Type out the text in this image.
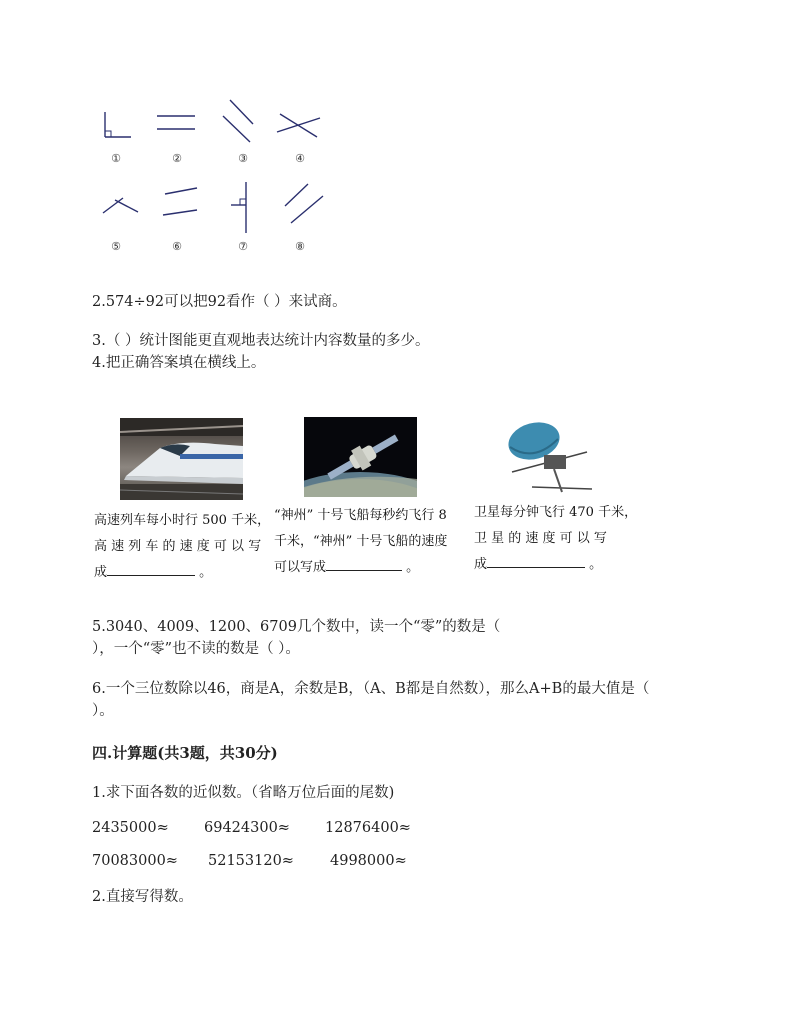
①	②	③	④
⑤	⑥	⑦	⑧
2.574÷92可以把92看作（ ）来试商。
3.（ ）统计图能更直观地表达统计内容数量的多少。
4.把正确答案填在横线上。
高速列车每小时行 500 千米，
高 速 列 车 的 速 度 可 以 写
成	。
“神州” 十号飞船每秒约飞行 8
千米，“神州” 十号飞船的速度
可以写成	。
卫星每分钟飞行 470 千米，
卫 星 的 速 度 可 以 写
成	。
5.3040、4009、1200、6709几个数中，读一个“零”的数是（
），一个“零”也不读的数是（ ）。
6.一个三位数除以46，商是A，余数是B，（A、B都是自然数），那么A+B的最大值是（
）。
四.计算题(共3题，共30分)
1.求下面各数的近似数。（省略万位后面的尾数)
2435000≈ 69424300≈ 12876400≈
70083000≈ 52153120≈ 4998000≈
2.直接写得数。
